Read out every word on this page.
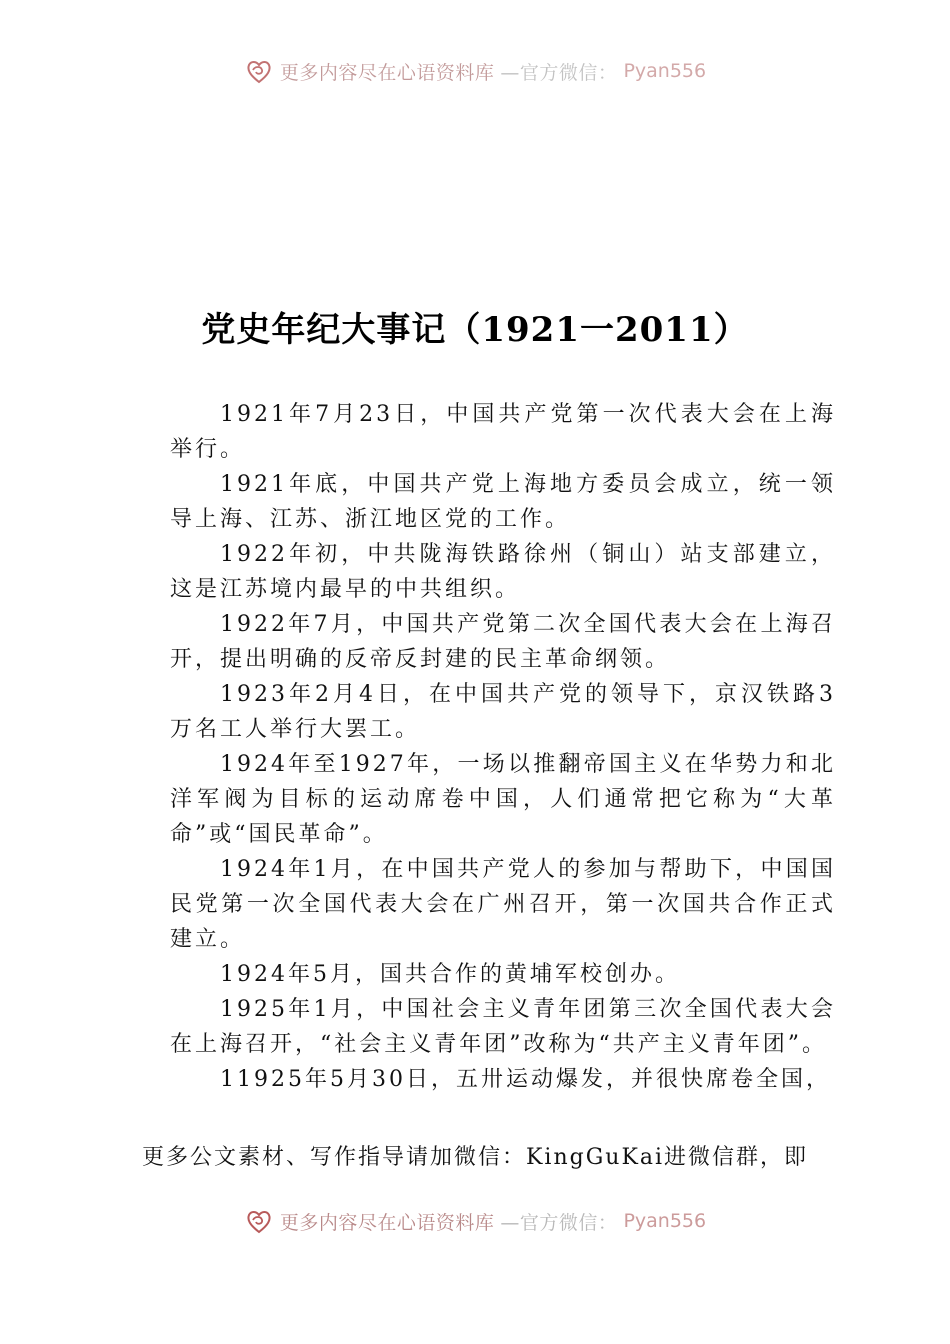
更多内容尽在心语资料库 —官方微信： Pyan556
党史年纪大事记（1921一2011）

1921年7月23日，中国共产党第一次代表大会在上海举行。

1921年底，中国共产党上海地方委员会成立，统一领导上海、江苏、浙江地区党的工作。

1922年初，中共陇海铁路徐州（铜山）站支部建立，这是江苏境内最早的中共组织。

1922年7月，中国共产党第二次全国代表大会在上海召开，提出明确的反帝反封建的民主革命纲领。

1923年2月4日，在中国共产党的领导下，京汉铁路3万名工人举行大罢工。

1924年至1927年，一场以推翻帝国主义在华势力和北洋军阀为目标的运动席卷中国，人们通常把它称为“大革命”或“国民革命”。

1924年1月，在中国共产党人的参加与帮助下，中国国民党第一次全国代表大会在广州召开，第一次国共合作正式建立。

1924年5月，国共合作的黄埔军校创办。

1925年1月，中国社会主义青年团第三次全国代表大会在上海召开，“社会主义青年团”改称为“共产主义青年团”。

11925年5月30日，五卅运动爆发，并很快席卷全国，

更多公文素材、写作指导请加微信：KingGuKai进微信群，即
更多内容尽在心语资料库 —官方微信： Pyan556
